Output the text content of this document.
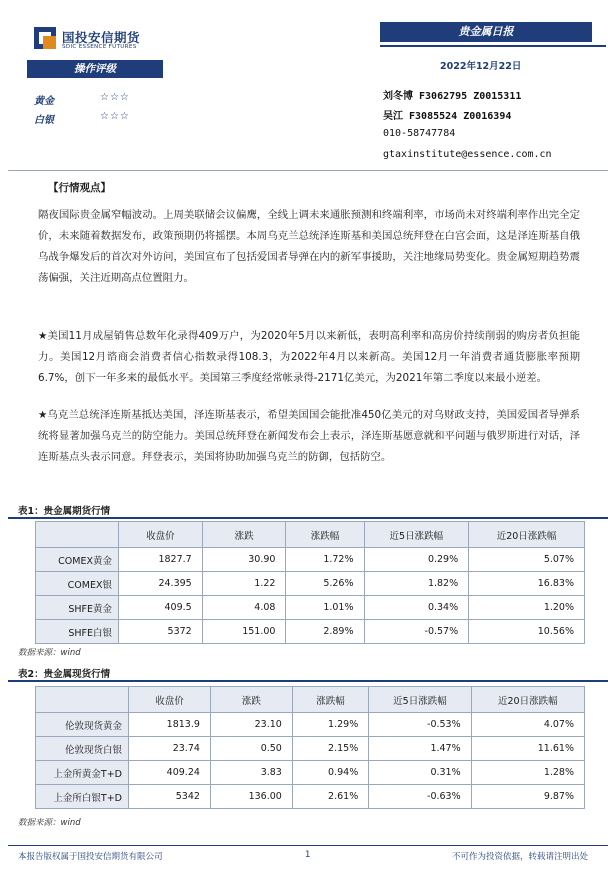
国投安信期货
SDIC ESSENCE FUTURES
贵金属日报
2022年12月22日
操作评级
黄金	☆☆☆
白银	☆☆☆
刘冬博 F3062795 Z0015311
吴江 F3085524 Z0016394
010-58747784
gtaxinstitute@essence.com.cn
【行情观点】
隔夜国际贵金属窄幅波动。上周美联储会议偏鹰，全线上调未来通胀预测和终端利率，市场尚未对终端利率作出完全定价，未来随着数据发布，政策预期仍将摇摆。本周乌克兰总统泽连斯基和美国总统拜登在白宫会面，这是泽连斯基自俄乌战争爆发后的首次对外访问，美国宣布了包括爱国者导弹在内的新军事援助，关注地缘局势变化。贵金属短期趋势震荡偏强，关注近期高点位置阻力。
★美国11月成屋销售总数年化录得409万户，为2020年5月以来新低，表明高利率和高房价持续削弱的购房者负担能力。美国12月谘商会消费者信心指数录得108.3，为2022年4月以来新高。美国12月一年消费者通货膨胀率预期6.7%，创下一年多来的最低水平。美国第三季度经常帐录得-2171亿美元，为2021年第二季度以来最小逆差。
★乌克兰总统泽连斯基抵达美国，泽连斯基表示，希望美国国会能批准450亿美元的对乌财政支持，美国爱国者导弹系统将显著加强乌克兰的防空能力。美国总统拜登在新闻发布会上表示，泽连斯基愿意就和平问题与俄罗斯进行对话，泽连斯基点头表示同意。拜登表示，美国将协助加强乌克兰的防御，包括防空。
表1：贵金属期货行情
	收盘价	涨跌	涨跌幅	近5日涨跌幅	近20日涨跌幅
COMEX黄金	1827.7	30.90	1.72%	0.29%	5.07%
COMEX银	24.395	1.22	5.26%	1.82%	16.83%
SHFE黄金	409.5	4.08	1.01%	0.34%	1.20%
SHFE白银	5372	151.00	2.89%	-0.57%	10.56%
数据来源：wind
表2：贵金属现货行情
	收盘价	涨跌	涨跌幅	近5日涨跌幅	近20日涨跌幅
伦敦现货黄金	1813.9	23.10	1.29%	-0.53%	4.07%
伦敦现货白银	23.74	0.50	2.15%	1.47%	11.61%
上金所黄金T+D	409.24	3.83	0.94%	0.31%	1.28%
上金所白银T+D	5342	136.00	2.61%	-0.63%	9.87%
数据来源：wind
本报告版权属于国投安信期货有限公司	1	不可作为投资依据，转载请注明出处
